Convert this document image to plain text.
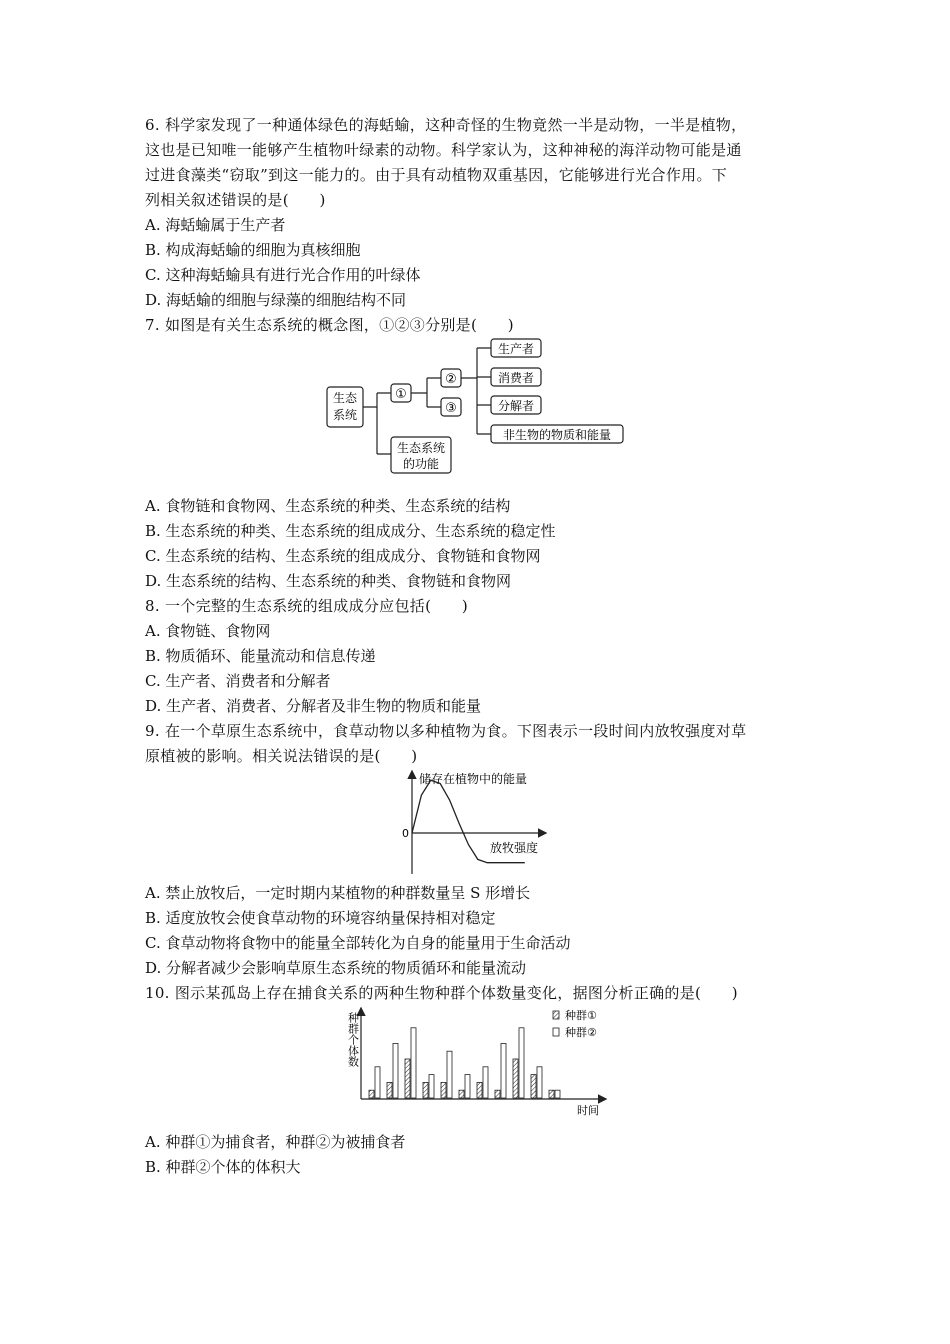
6. 科学家发现了一种通体绿色的海蛞蝓，这种奇怪的生物竟然一半是动物，一半是植物，
这也是已知唯一能够产生植物叶绿素的动物。科学家认为，这种神秘的海洋动物可能是通
过进食藻类“窃取”到这一能力的。由于具有动植物双重基因，它能够进行光合作用。下
列相关叙述错误的是(　　)
A. 海蛞蝓属于生产者
B. 构成海蛞蝓的细胞为真核细胞
C. 这种海蛞蝓具有进行光合作用的叶绿体
D. 海蛞蝓的细胞与绿藻的细胞结构不同
7. 如图是有关生态系统的概念图，①②③分别是(　　)
生态
系统
①
生态系统
的功能
②
③
生产者
消费者
分解者
非生物的物质和能量
A. 食物链和食物网、生态系统的种类、生态系统的结构
B. 生态系统的种类、生态系统的组成成分、生态系统的稳定性
C. 生态系统的结构、生态系统的组成成分、食物链和食物网
D. 生态系统的结构、生态系统的种类、食物链和食物网
8. 一个完整的生态系统的组成成分应包括(　　)
A. 食物链、食物网
B. 物质循环、能量流动和信息传递
C. 生产者、消费者和分解者
D. 生产者、消费者、分解者及非生物的物质和能量
9. 在一个草原生态系统中，食草动物以多种植物为食。下图表示一段时间内放牧强度对草
原植被的影响。相关说法错误的是(　　)
储存在植物中的能量
放牧强度
0
A. 禁止放牧后，一定时期内某植物的种群数量呈 S 形增长
B. 适度放牧会使食草动物的环境容纳量保持相对稳定
C. 食草动物将食物中的能量全部转化为自身的能量用于生命活动
D. 分解者减少会影响草原生态系统的物质循环和能量流动
10. 图示某孤岛上存在捕食关系的两种生物种群个体数量变化，据图分析正确的是(　　)
种群个体数
时间
种群①
种群②
A. 种群①为捕食者，种群②为被捕食者
B. 种群②个体的体积大
